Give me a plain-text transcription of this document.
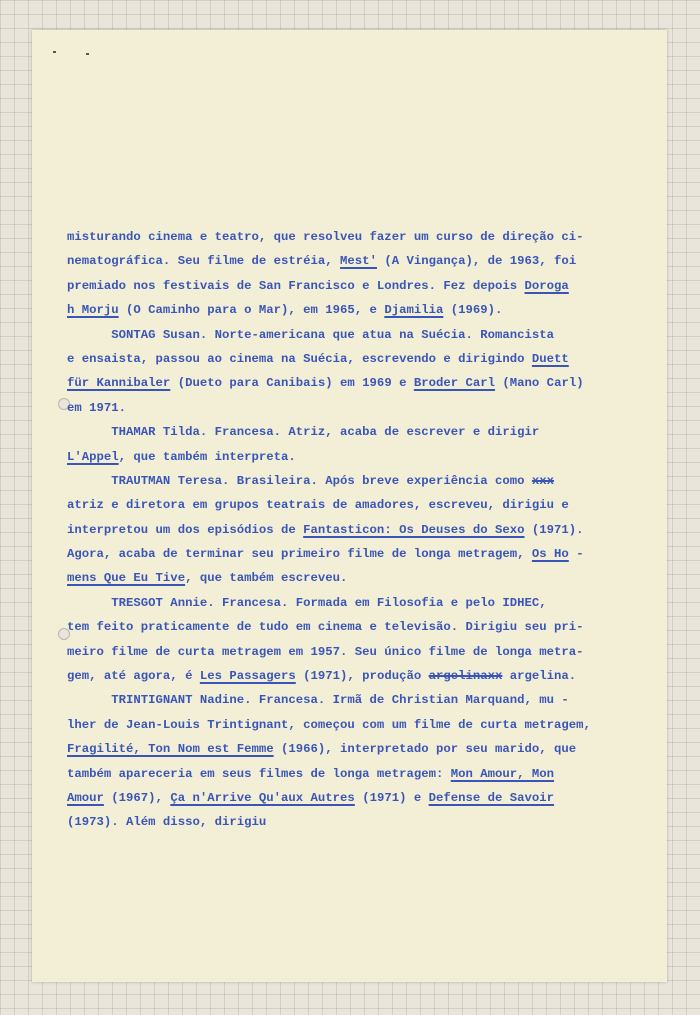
misturando cinema e teatro, que resolveu fazer um curso de direção ci-
nematográfica. Seu filme de estréia, Mest' (A Vingança), de 1963, foi
premiado nos festivais de San Francisco e Londres. Fez depois Doroga
h Morju (O Caminho para o Mar), em 1965, e Djamilia (1969).
SONTAG Susan. Norte-americana que atua na Suécia. Romancista
e ensaista, passou ao cinema na Suécia, escrevendo e dirigindo Duett
für Kannibaler (Dueto para Canibais) em 1969 e Broder Carl (Mano Carl)
em 1971.
THAMAR Tilda. Francesa. Atriz, acaba de escrever e dirigir
L'Appel, que também interpreta.
TRAUTMAN Teresa. Brasileira. Após breve experiência como xxx
atriz e diretora em grupos teatrais de amadores, escreveu, dirigiu e
interpretou um dos episódios de Fantasticon: Os Deuses do Sexo (1971).
Agora, acaba de terminar seu primeiro filme de longa metragem, Os Ho -
mens Que Eu Tive, que também escreveu.
TRESGOT Annie. Francesa. Formada em Filosofia e pelo IDHEC,
tem feito praticamente de tudo em cinema e televisão. Dirigiu seu pri-
meiro filme de curta metragem em 1957. Seu único filme de longa metra-
gem, até agora, é Les Passagers (1971), produção argelinaxx argelina.
TRINTIGNANT Nadine. Francesa. Irmã de Christian Marquand, mu -
lher de Jean-Louis Trintignant, começou com um filme de curta metragem,
Fragilité, Ton Nom est Femme (1966), interpretado por seu marido, que
também apareceria em seus filmes de longa metragem: Mon Amour, Mon
Amour (1967), Ça n'Arrive Qu'aux Autres (1971) e Defense de Savoir
(1973). Além disso, dirigiu
